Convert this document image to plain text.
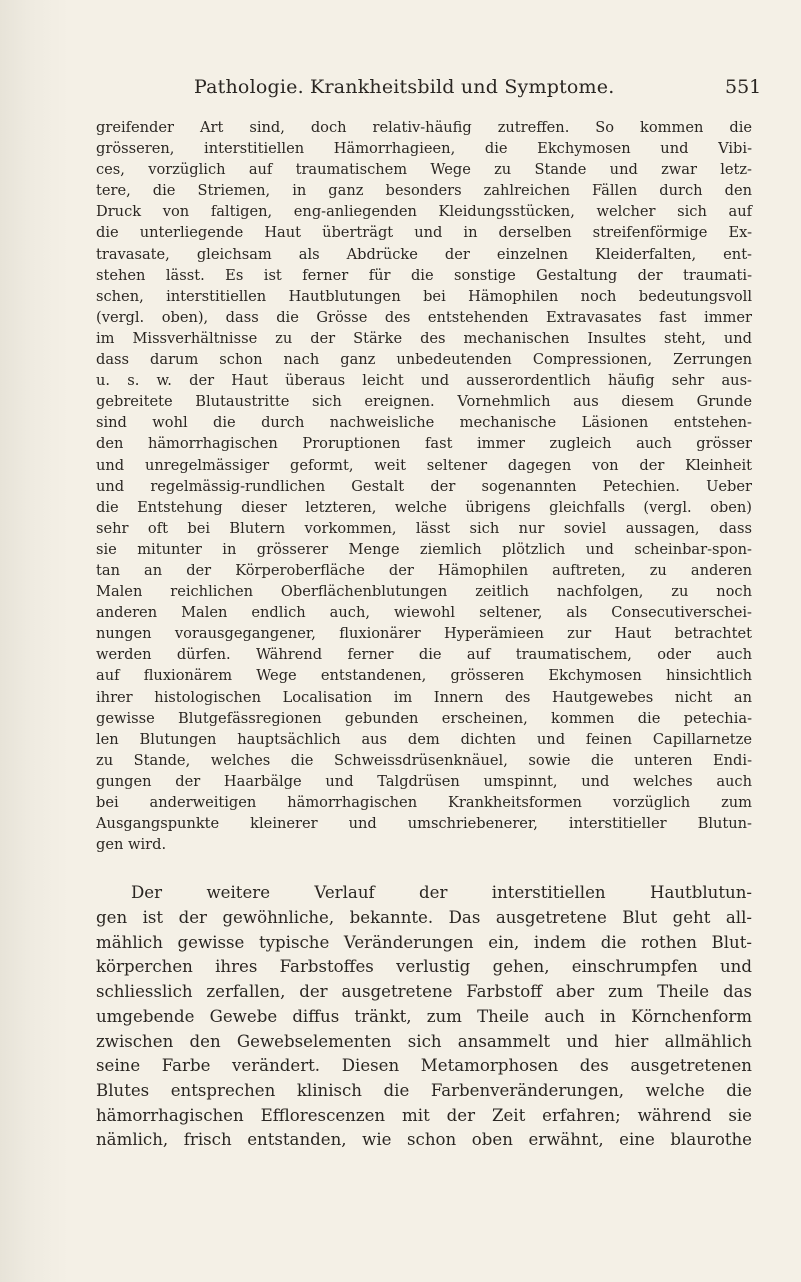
Pathologie. Krankheitsbild und Symptome.	551

greifender Art sind, doch relativ-häufig zutreffen. So kommen die

grösseren, interstitiellen Hämorrhagieen, die Ekchymosen und Vibi-

ces, vorzüglich auf traumatischem Wege zu Stande und zwar letz-

tere, die Striemen, in ganz besonders zahlreichen Fällen durch den

Druck von faltigen, eng-anliegenden Kleidungsstücken, welcher sich auf

die unterliegende Haut überträgt und in derselben streifenförmige Ex-

travasate, gleichsam als Abdrücke der einzelnen Kleiderfalten, ent-

stehen lässt. Es ist ferner für die sonstige Gestaltung der traumati-

schen, interstitiellen Hautblutungen bei Hämophilen noch bedeutungsvoll

(vergl. oben), dass die Grösse des entstehenden Extravasates fast immer

im Missverhältnisse zu der Stärke des mechanischen Insultes steht, und

dass darum schon nach ganz unbedeutenden Compressionen, Zerrungen

u. s. w. der Haut überaus leicht und ausserordentlich häufig sehr aus-

gebreitete Blutaustritte sich ereignen. Vornehmlich aus diesem Grunde

sind wohl die durch nachweisliche mechanische Läsionen entstehen-

den hämorrhagischen Proruptionen fast immer zugleich auch grösser

und unregelmässiger geformt, weit seltener dagegen von der Kleinheit

und regelmässig-rundlichen Gestalt der sogenannten Petechien. Ueber

die Entstehung dieser letzteren, welche übrigens gleichfalls (vergl. oben)

sehr oft bei Blutern vorkommen, lässt sich nur soviel aussagen, dass

sie mitunter in grösserer Menge ziemlich plötzlich und scheinbar-spon-

tan an der Körperoberfläche der Hämophilen auftreten, zu anderen

Malen reichlichen Oberflächenblutungen zeitlich nachfolgen, zu noch

anderen Malen endlich auch, wiewohl seltener, als Consecutiverschei-

nungen vorausgegangener, fluxionärer Hyperämieen zur Haut betrachtet

werden dürfen. Während ferner die auf traumatischem, oder auch

auf fluxionärem Wege entstandenen, grösseren Ekchymosen hinsichtlich

ihrer histologischen Localisation im Innern des Hautgewebes nicht an

gewisse Blutgefässregionen gebunden erscheinen, kommen die petechia-

len Blutungen hauptsächlich aus dem dichten und feinen Capillarnetze

zu Stande, welches die Schweissdrüsenknäuel, sowie die unteren Endi-

gungen der Haarbälge und Talgdrüsen umspinnt, und welches auch

bei anderweitigen hämorrhagischen Krankheitsformen vorzüglich zum

Ausgangspunkte kleinerer und umschriebenerer, interstitieller Blutun-

gen wird.

Der weitere Verlauf der interstitiellen Hautblutun-

gen ist der gewöhnliche, bekannte. Das ausgetretene Blut geht all-

mählich gewisse typische Veränderungen ein, indem die rothen Blut-

körperchen ihres Farbstoffes verlustig gehen, einschrumpfen und

schliesslich zerfallen, der ausgetretene Farbstoff aber zum Theile das

umgebende Gewebe diffus tränkt, zum Theile auch in Körnchenform

zwischen den Gewebselementen sich ansammelt und hier allmählich

seine Farbe verändert. Diesen Metamorphosen des ausgetretenen

Blutes entsprechen klinisch die Farbenveränderungen, welche die

hämorrhagischen Efflorescenzen mit der Zeit erfahren; während sie

nämlich, frisch entstanden, wie schon oben erwähnt, eine blaurothe
